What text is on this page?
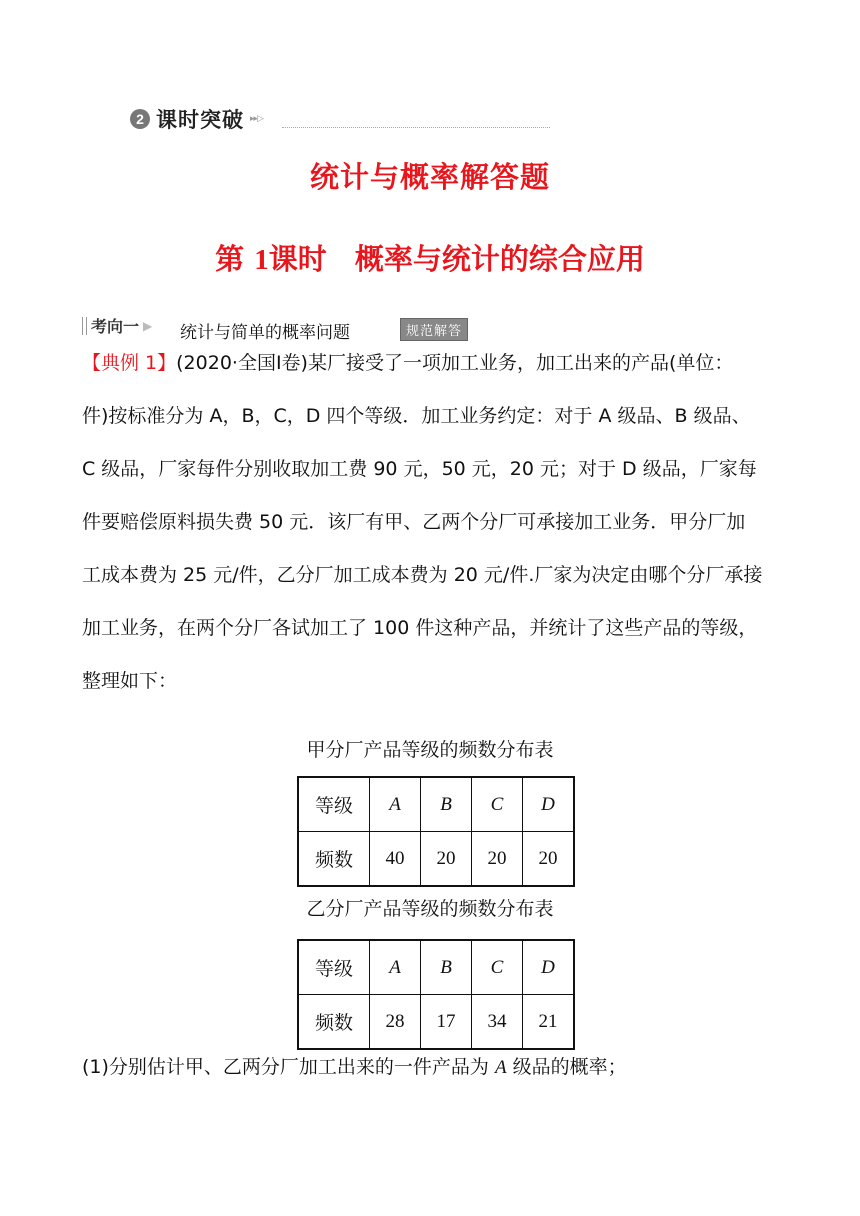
2 课时突破 ▸▸▷
统计与概率解答题
第 1课时 概率与统计的综合应用
考向一 ▶ 统计与简单的概率问题	规范解答
【典例 1】(2020·全国Ⅰ卷)某厂接受了一项加工业务，加工出来的产品(单位：
件)按标准分为 A，B，C，D 四个等级．加工业务约定：对于 A 级品、B 级品、
C 级品，厂家每件分别收取加工费 90 元，50 元，20 元；对于 D 级品，厂家每
件要赔偿原料损失费 50 元．该厂有甲、乙两个分厂可承接加工业务．甲分厂加
工成本费为 25 元/件，乙分厂加工成本费为 20 元/件.厂家为决定由哪个分厂承接
加工业务，在两个分厂各试加工了 100 件这种产品，并统计了这些产品的等级，
整理如下：
甲分厂产品等级的频数分布表
等级	A	B	C	D
频数	40	20	20	20
乙分厂产品等级的频数分布表
等级	A	B	C	D
频数	28	17	34	21
(1)分别估计甲、乙两分厂加工出来的一件产品为 A 级品的概率；
